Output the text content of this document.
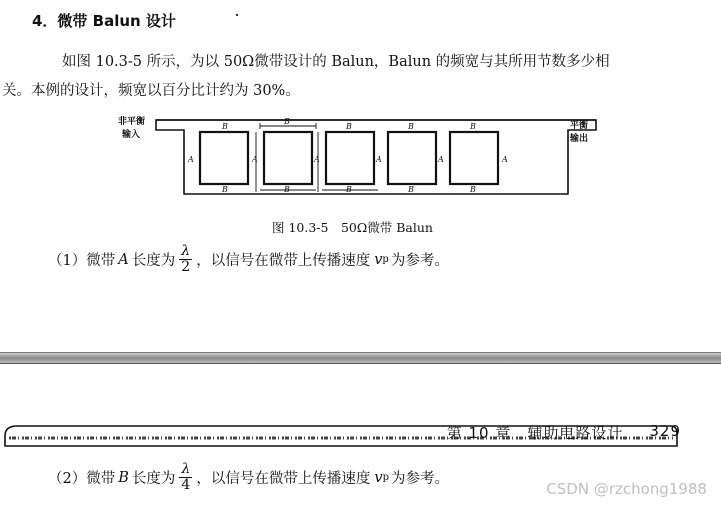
4．微带 Balun 设计
如图 10.3-5 所示，为以 50Ω微带设计的 Balun，Balun 的频宽与其所用节数多少相
关。本例的设计，频宽以百分比计约为 30%。
B
B
B	B	B
B	B	B	B	B
A	A	A	A	A	A
非平衡
输入
平衡
输出
图 10.3-5　50Ω微带 Balun
（1）微带 A 长度为 $\frac{\lambda}{2}$ ，以信号在微带上传播速度 v p 为参考。
第 10 章　辅助电路设计 329
（2）微带 B 长度为 $\frac{\lambda}{4}$ ，以信号在微带上传播速度 v p 为参考。
CSDN @rzchong1988
